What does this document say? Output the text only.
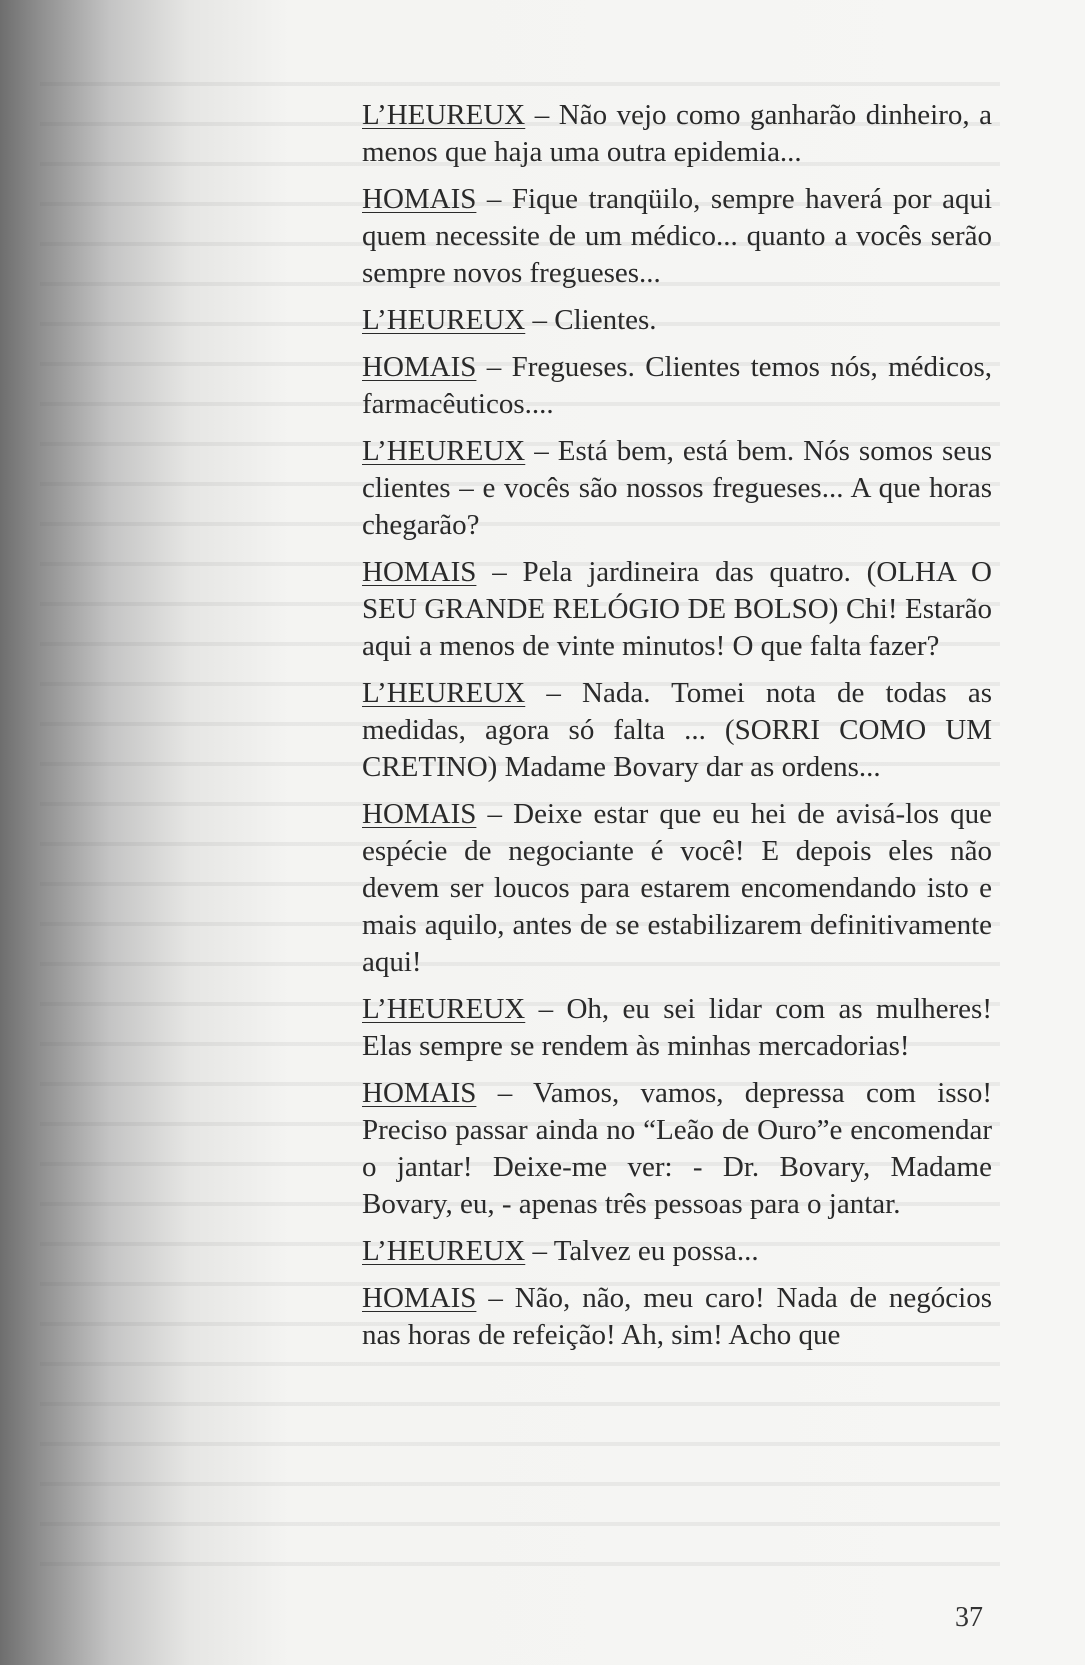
L’HEUREUX – Não vejo como ganharão dinheiro, a menos que haja uma outra epidemia...

HOMAIS – Fique tranqüilo, sempre haverá por aqui quem necessite de um médico... quanto a vocês serão sempre novos fregueses...

L’HEUREUX – Clientes.

HOMAIS – Fregueses. Clientes temos nós, médicos, farmacêuticos....

L’HEUREUX – Está bem, está bem. Nós somos seus clientes – e vocês são nossos fregueses... A que horas chegarão?

HOMAIS – Pela jardineira das quatro. (OLHA O SEU GRANDE RELÓGIO DE BOLSO) Chi! Estarão aqui a menos de vinte minutos! O que falta fazer?

L’HEUREUX – Nada. Tomei nota de todas as medidas, agora só falta ... (SORRI COMO UM CRETINO) Madame Bovary dar as ordens...

HOMAIS – Deixe estar que eu hei de avisá-los que espécie de negociante é você! E depois eles não devem ser loucos para estarem encomendando isto e mais aquilo, antes de se estabilizarem definitivamente aqui!

L’HEUREUX – Oh, eu sei lidar com as mulheres! Elas sempre se rendem às minhas mercadorias!

HOMAIS – Vamos, vamos, depressa com isso! Preciso passar ainda no “Leão de Ouro”e encomendar o jantar! Deixe-me ver: - Dr. Bovary, Madame Bovary, eu, - apenas três pessoas para o jantar.

L’HEUREUX – Talvez eu possa...

HOMAIS – Não, não, meu caro! Nada de negócios nas horas de refeição! Ah, sim! Acho que

37
